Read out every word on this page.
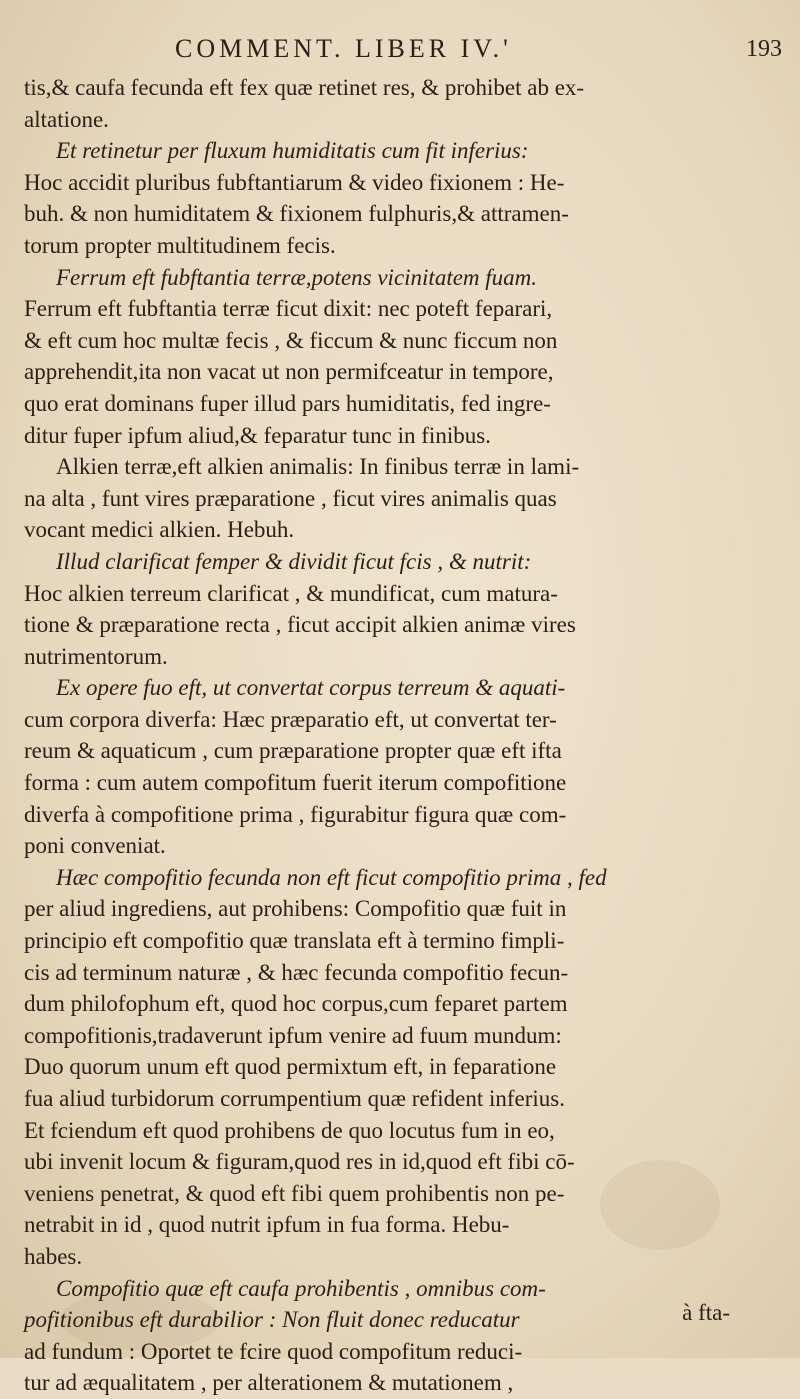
COMMENT. LIBER IV.'	193

tis,& caufa fecunda eft fex quæ retinet res, & prohibet ab ex-
altatione.

Et retinetur per fluxum humiditatis cum fit inferius:
Hoc accidit pluribus fubftantiarum & video fixionem : He-
buh. & non humiditatem & fixionem fulphuris,& attramen-
torum propter multitudinem fecis.

Ferrum eft fubftantia terræ,potens vicinitatem fuam.
Ferrum eft fubftantia terræ ficut dixit: nec poteft feparari,
& eft cum hoc multæ fecis , & ficcum & nunc ficcum non
apprehendit,ita non vacat ut non permifceatur in tempore,
quo erat dominans fuper illud pars humiditatis, fed ingre-
ditur fuper ipfum aliud,& feparatur tunc in finibus.

Alkien terræ,eft alkien animalis: In finibus terræ in lami-
na alta , funt vires præparatione , ficut vires animalis quas
vocant medici alkien. Hebuh.

Illud clarificat femper & dividit ficut fcis , & nutrit:
Hoc alkien terreum clarificat , & mundificat, cum matura-
tione & præparatione recta , ficut accipit alkien animæ vires
nutrimentorum.

Ex opere fuo eft, ut convertat corpus terreum & aquati-
cum corpora diverfa: Hæc præparatio eft, ut convertat ter-
reum & aquaticum , cum præparatione propter quæ eft ifta
forma : cum autem compofitum fuerit iterum compofitione
diverfa à compofitione prima , figurabitur figura quæ com-
poni conveniat.

Hæc compofitio fecunda non eft ficut compofitio prima , fed
per aliud ingrediens, aut prohibens: Compofitio quæ fuit in
principio eft compofitio quæ translata eft à termino fimpli-
cis ad terminum naturæ , & hæc fecunda compofitio fecun-
dum philofophum eft, quod hoc corpus,cum feparet partem
compofitionis,tradaverunt ipfum venire ad fuum mundum:
Duo quorum unum eft quod permixtum eft, in feparatione
fua aliud turbidorum corrumpentium quæ refident inferius.
Et fciendum eft quod prohibens de quo locutus fum in eo,
ubi invenit locum & figuram,quod res in id,quod eft fibi cō-
veniens penetrat, & quod eft fibi quem prohibentis non pe-
netrabit in id , quod nutrit ipfum in fua forma. Hebu-
habes.

Compofitio quæ eft caufa prohibentis , omnibus com-
pofitionibus eft durabilior : Non fluit donec reducatur
ad fundum : Oportet te fcire quod compofitum reduci-
tur ad æqualitatem , per alterationem & mutationem ,

à fta-
